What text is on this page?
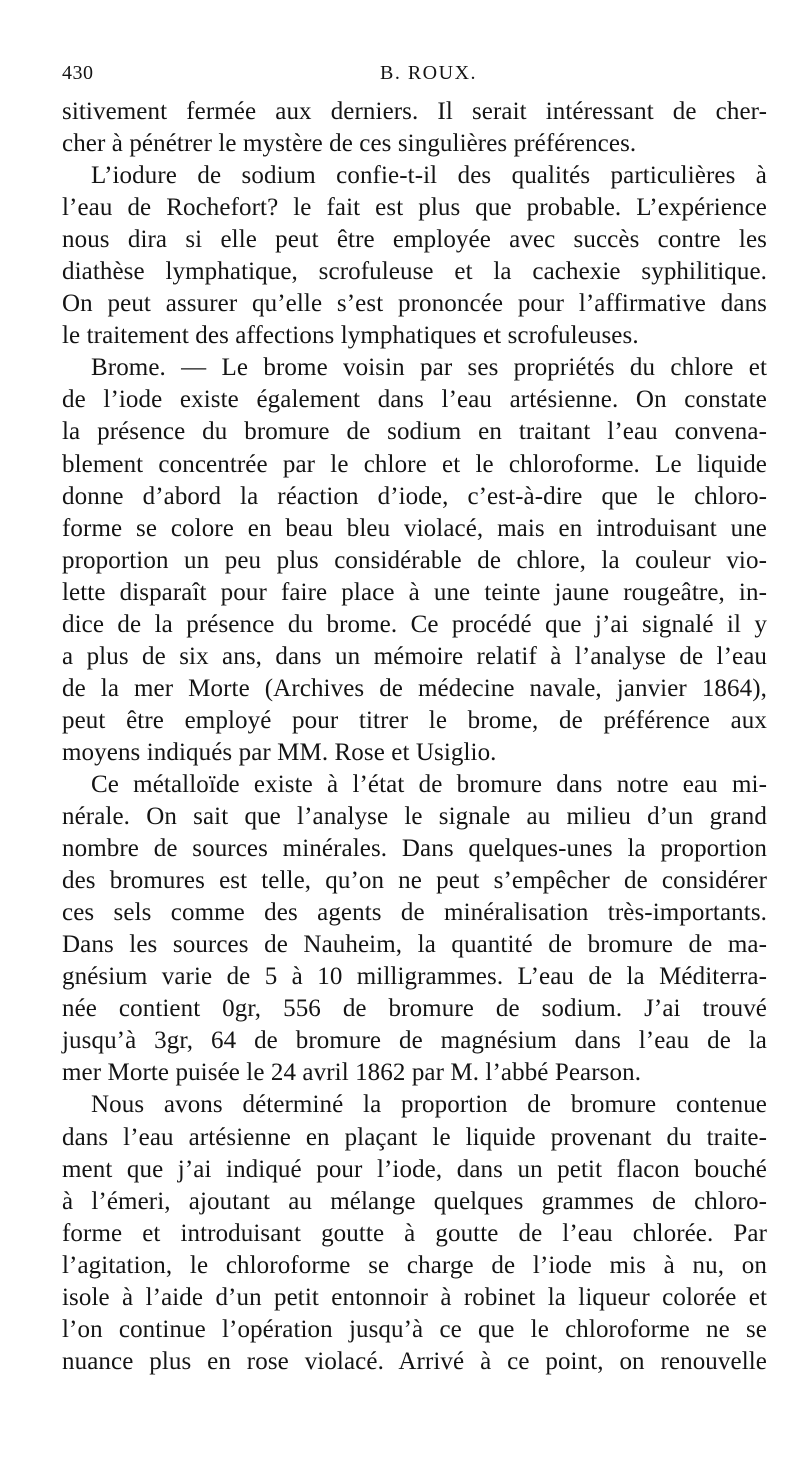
430	B. ROUX.
sitivement fermée aux derniers. Il serait intéressant de cher-
cher à pénétrer le mystère de ces singulières préférences.
L’iodure de sodium confie-t-il des qualités particulières à
l’eau de Rochefort? le fait est plus que probable. L’expérience
nous dira si elle peut être employée avec succès contre les
diathèse lymphatique, scrofuleuse et la cachexie syphilitique.
On peut assurer qu’elle s’est prononcée pour l’affirmative dans
le traitement des affections lymphatiques et scrofuleuses.
Brome. — Le brome voisin par ses propriétés du chlore et
de l’iode existe également dans l’eau artésienne. On constate
la présence du bromure de sodium en traitant l’eau convena-
blement concentrée par le chlore et le chloroforme. Le liquide
donne d’abord la réaction d’iode, c’est-à-dire que le chloro-
forme se colore en beau bleu violacé, mais en introduisant une
proportion un peu plus considérable de chlore, la couleur vio-
lette disparaît pour faire place à une teinte jaune rougeâtre, in-
dice de la présence du brome. Ce procédé que j’ai signalé il y
a plus de six ans, dans un mémoire relatif à l’analyse de l’eau
de la mer Morte (Archives de médecine navale, janvier 1864),
peut être employé pour titrer le brome, de préférence aux
moyens indiqués par MM. Rose et Usiglio.
Ce métalloïde existe à l’état de bromure dans notre eau mi-
nérale. On sait que l’analyse le signale au milieu d’un grand
nombre de sources minérales. Dans quelques-unes la proportion
des bromures est telle, qu’on ne peut s’empêcher de considérer
ces sels comme des agents de minéralisation très-importants.
Dans les sources de Nauheim, la quantité de bromure de ma-
gnésium varie de 5 à 10 milligrammes. L’eau de la Méditerra-
née contient 0gr, 556 de bromure de sodium. J’ai trouvé
jusqu’à 3gr, 64 de bromure de magnésium dans l’eau de la
mer Morte puisée le 24 avril 1862 par M. l’abbé Pearson.
Nous avons déterminé la proportion de bromure contenue
dans l’eau artésienne en plaçant le liquide provenant du traite-
ment que j’ai indiqué pour l’iode, dans un petit flacon bouché
à l’émeri, ajoutant au mélange quelques grammes de chloro-
forme et introduisant goutte à goutte de l’eau chlorée. Par
l’agitation, le chloroforme se charge de l’iode mis à nu, on
isole à l’aide d’un petit entonnoir à robinet la liqueur colorée et
l’on continue l’opération jusqu’à ce que le chloroforme ne se
nuance plus en rose violacé. Arrivé à ce point, on renouvelle
